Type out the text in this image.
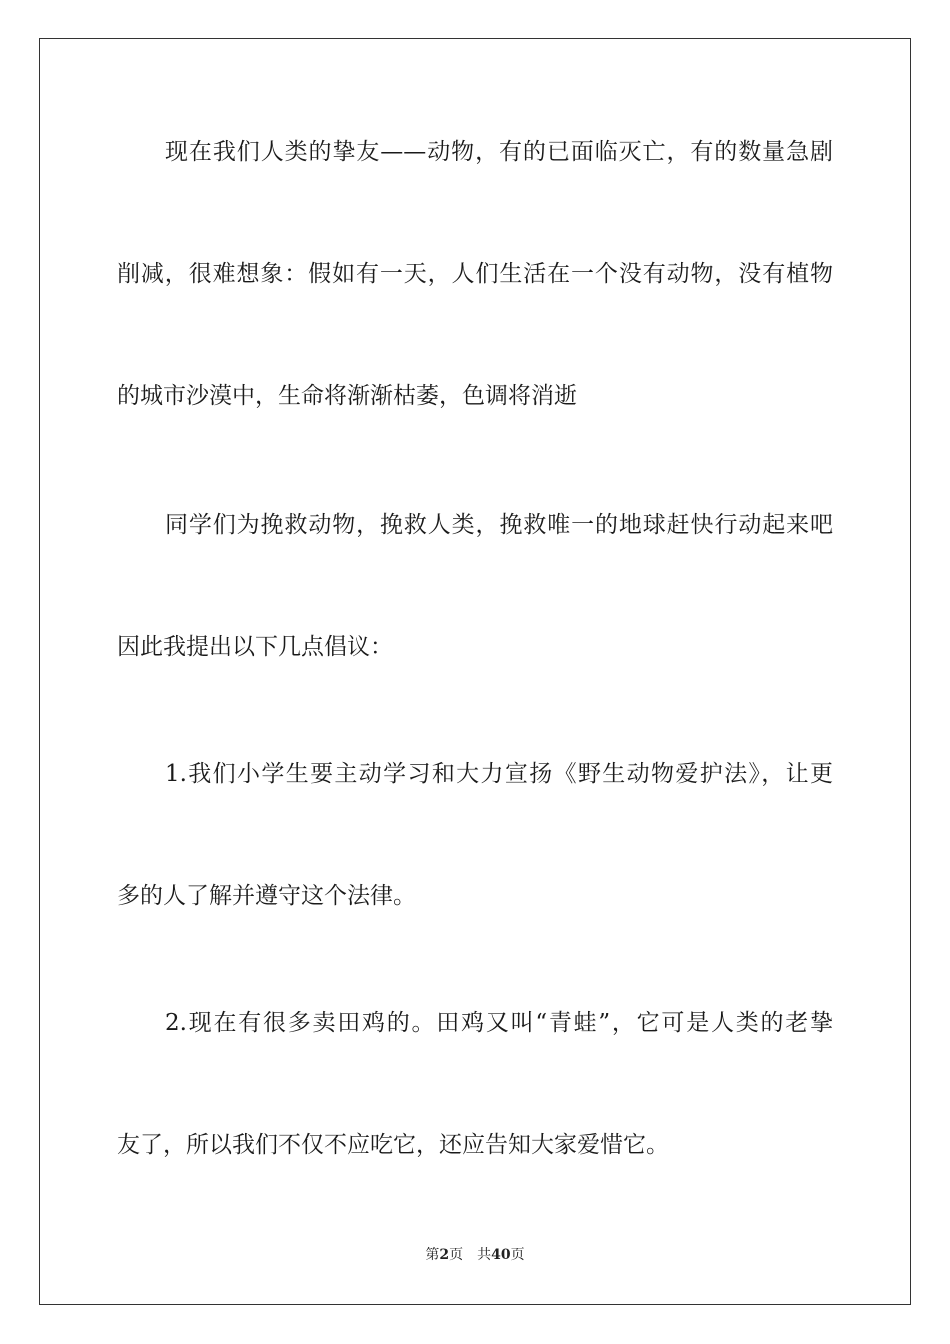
现在我们人类的挚友——动物，有的已面临灭亡，有的数量急剧
削减，很难想象：假如有一天，人们生活在一个没有动物，没有植物
的城市沙漠中，生命将渐渐枯萎，色调将消逝
同学们为挽救动物，挽救人类，挽救唯一的地球赶快行动起来吧
因此我提出以下几点倡议：
1.我们小学生要主动学习和大力宣扬《野生动物爱护法》，让更
多的人了解并遵守这个法律。
2.现在有很多卖田鸡的。田鸡又叫“青蛙”，它可是人类的老挚
友了，所以我们不仅不应吃它，还应告知大家爱惜它。
第2页 共40页
